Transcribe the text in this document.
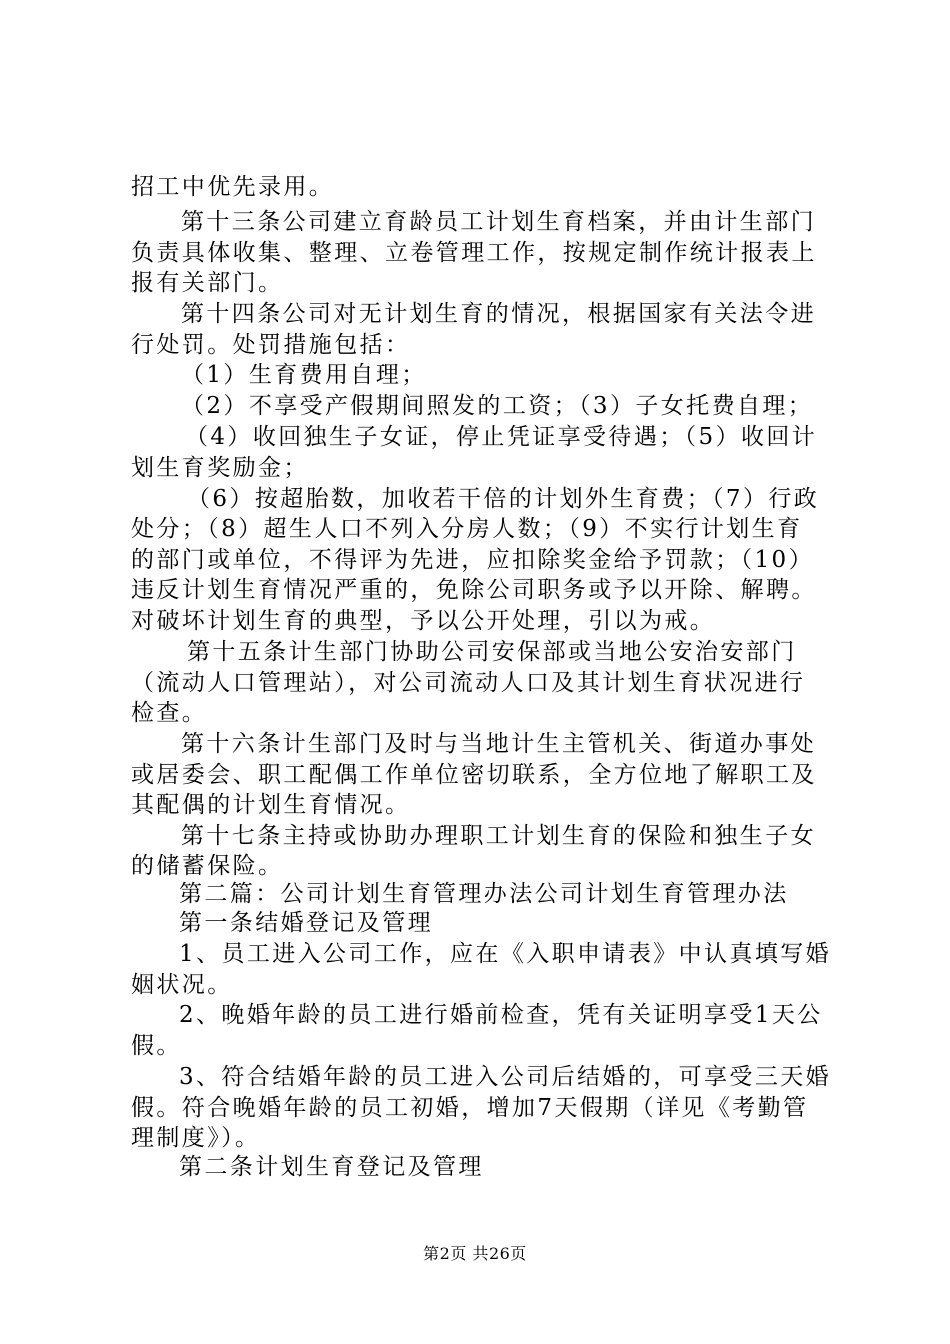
招工中优先录用。
第十三条公司建立育龄员工计划生育档案，并由计生部门
负责具体收集、整理、立卷管理工作，按规定制作统计报表上
报有关部门。
第十四条公司对无计划生育的情况，根据国家有关法令进
行处罚。处罚措施包括：
（1）生育费用自理；
（2）不享受产假期间照发的工资；（3）子女托费自理；
（4）收回独生子女证，停止凭证享受待遇；（5）收回计
划生育奖励金；
（6）按超胎数，加收若干倍的计划外生育费；（7）行政
处分；（8）超生人口不列入分房人数；（9）不实行计划生育
的部门或单位，不得评为先进，应扣除奖金给予罚款；（10）
违反计划生育情况严重的，免除公司职务或予以开除、解聘。
对破坏计划生育的典型，予以公开处理，引以为戒。
第十五条计生部门协助公司安保部或当地公安治安部门
（流动人口管理站），对公司流动人口及其计划生育状况进行
检查。
第十六条计生部门及时与当地计生主管机关、街道办事处
或居委会、职工配偶工作单位密切联系，全方位地了解职工及
其配偶的计划生育情况。
第十七条主持或协助办理职工计划生育的保险和独生子女
的储蓄保险。
第二篇：公司计划生育管理办法公司计划生育管理办法
第一条结婚登记及管理
1、员工进入公司工作，应在《入职申请表》中认真填写婚
姻状况。
2、晚婚年龄的员工进行婚前检查，凭有关证明享受1天公
假。
3、符合结婚年龄的员工进入公司后结婚的，可享受三天婚
假。符合晚婚年龄的员工初婚，增加7天假期（详见《考勤管
理制度》）。
第二条计划生育登记及管理
第2页 共26页
